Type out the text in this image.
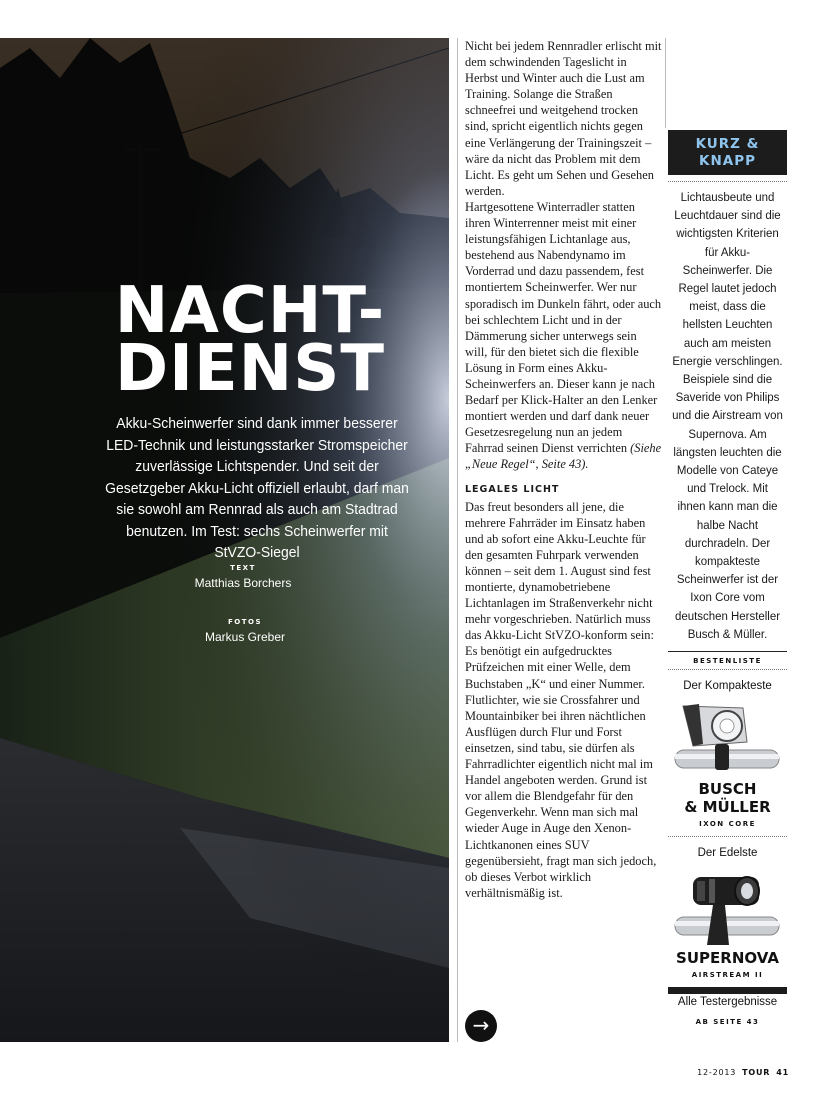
NACHT-
DIENST
Akku-Scheinwerfer sind dank immer besserer LED-Technik und leistungsstarker Stromspeicher zuverlässige Lichtspender. Und seit der Gesetzgeber Akku-Licht offiziell erlaubt, darf man sie sowohl am Rennrad als auch am Stadtrad benutzen. Im Test: sechs Scheinwerfer mit StVZO-Siegel
TEXT
Matthias Borchers
FOTOS
Markus Greber

Nicht bei jedem Rennradler erlischt mit dem schwindenden Tageslicht in Herbst und Winter auch die Lust am Training. Solange die Straßen schneefrei und weitgehend trocken sind, spricht eigentlich nichts gegen eine Verlängerung der Trainingszeit – wäre da nicht das Problem mit dem Licht. Es geht um Sehen und Gesehen werden.

Hartgesottene Winterradler statten ihren Winterrenner meist mit einer leistungsfähigen Lichtanlage aus, bestehend aus Nabendynamo im Vorderrad und dazu passendem, fest montiertem Scheinwerfer. Wer nur sporadisch im Dunkeln fährt, oder auch bei schlechtem Licht und in der Dämmerung sicher unterwegs sein will, für den bietet sich die flexible Lösung in Form eines Akku-Scheinwerfers an. Dieser kann je nach Bedarf per Klick-Halter an den Lenker montiert werden und darf dank neuer Gesetzesregelung nun an jedem Fahrrad seinen Dienst verrichten (Siehe „Neue Regel“, Seite 43).

LEGALES LICHT

Das freut besonders all jene, die mehrere Fahrräder im Einsatz haben und ab sofort eine Akku-Leuchte für den gesamten Fuhrpark verwenden können – seit dem 1. August sind fest montierte, dynamobetriebene Lichtanlagen im Straßenverkehr nicht mehr vorgeschrieben. Natürlich muss das Akku-Licht StVZO-konform sein: Es benötigt ein aufgedrucktes Prüfzeichen mit einer Welle, dem Buchstaben „K“ und einer Nummer. Flutlichter, wie sie Crossfahrer und Mountainbiker bei ihren nächtlichen Ausflügen durch Flur und Forst einsetzen, sind tabu, sie dürfen als Fahrradlichter eigentlich nicht mal im Handel angeboten werden. Grund ist vor allem die Blendgefahr für den Gegenverkehr. Wenn man sich mal wieder Auge in Auge den Xenon-Lichtkanonen eines SUV gegenübersieht, fragt man sich jedoch, ob dieses Verbot wirklich verhältnismäßig ist.

→
KURZ &
KNAPP
Lichtausbeute und Leuchtdauer sind die wichtigsten Kriterien für Akku-Scheinwerfer. Die Regel lautet jedoch meist, dass die hellsten Leuchten auch am meisten Energie verschlingen. Beispiele sind die Saveride von Philips und die Airstream von Supernova. Am längsten leuchten die Modelle von Cateye und Trelock. Mit ihnen kann man die halbe Nacht durchradeln. Der kompakteste Scheinwerfer ist der Ixon Core vom deutschen Hersteller Busch & Müller.
BESTENLISTE
Der Kompakteste
BUSCH
& MÜLLER
IXON CORE
Der Edelste
SUPERNOVA
AIRSTREAM II
Alle Testergebnisse
AB SEITE 43
12-2013 TOUR 41
